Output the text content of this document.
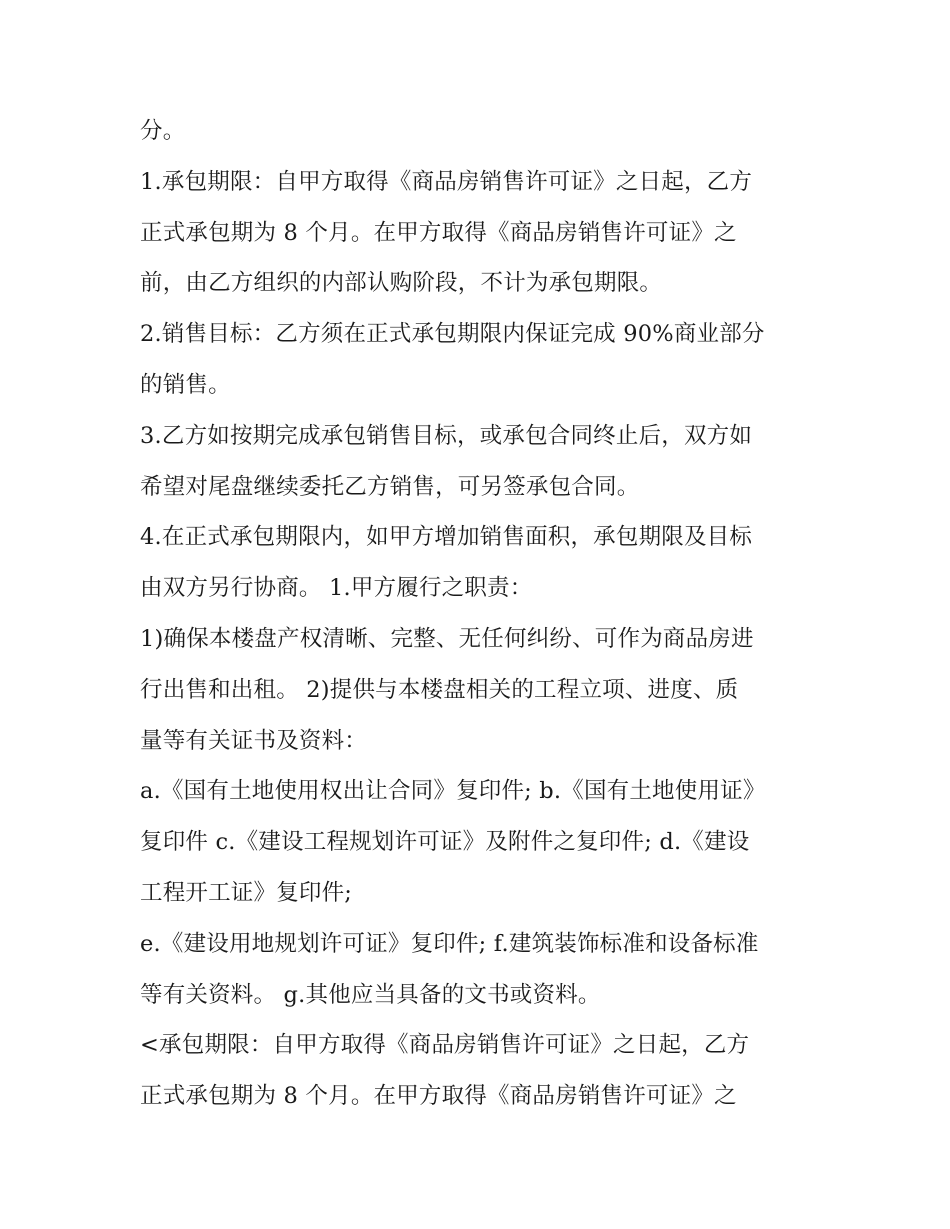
分。
1.承包期限：自甲方取得《商品房销售许可证》之日起，乙方
正式承包期为 8 个月。在甲方取得《商品房销售许可证》之
前，由乙方组织的内部认购阶段，不计为承包期限。
2.销售目标：乙方须在正式承包期限内保证完成 90%商业部分
的销售。
3.乙方如按期完成承包销售目标，或承包合同终止后，双方如
希望对尾盘继续委托乙方销售，可另签承包合同。
4.在正式承包期限内，如甲方增加销售面积，承包期限及目标
由双方另行协商。 1.甲方履行之职责：
1)确保本楼盘产权清晰、完整、无任何纠纷、可作为商品房进
行出售和出租。 2)提供与本楼盘相关的工程立项、进度、质
量等有关证书及资料：
a.《国有土地使用权出让合同》复印件; b.《国有土地使用证》
复印件 c.《建设工程规划许可证》及附件之复印件; d.《建设
工程开工证》复印件;
e.《建设用地规划许可证》复印件; f.建筑装饰标准和设备标准
等有关资料。 g.其他应当具备的文书或资料。
<承包期限：自甲方取得《商品房销售许可证》之日起，乙方
正式承包期为 8 个月。在甲方取得《商品房销售许可证》之
